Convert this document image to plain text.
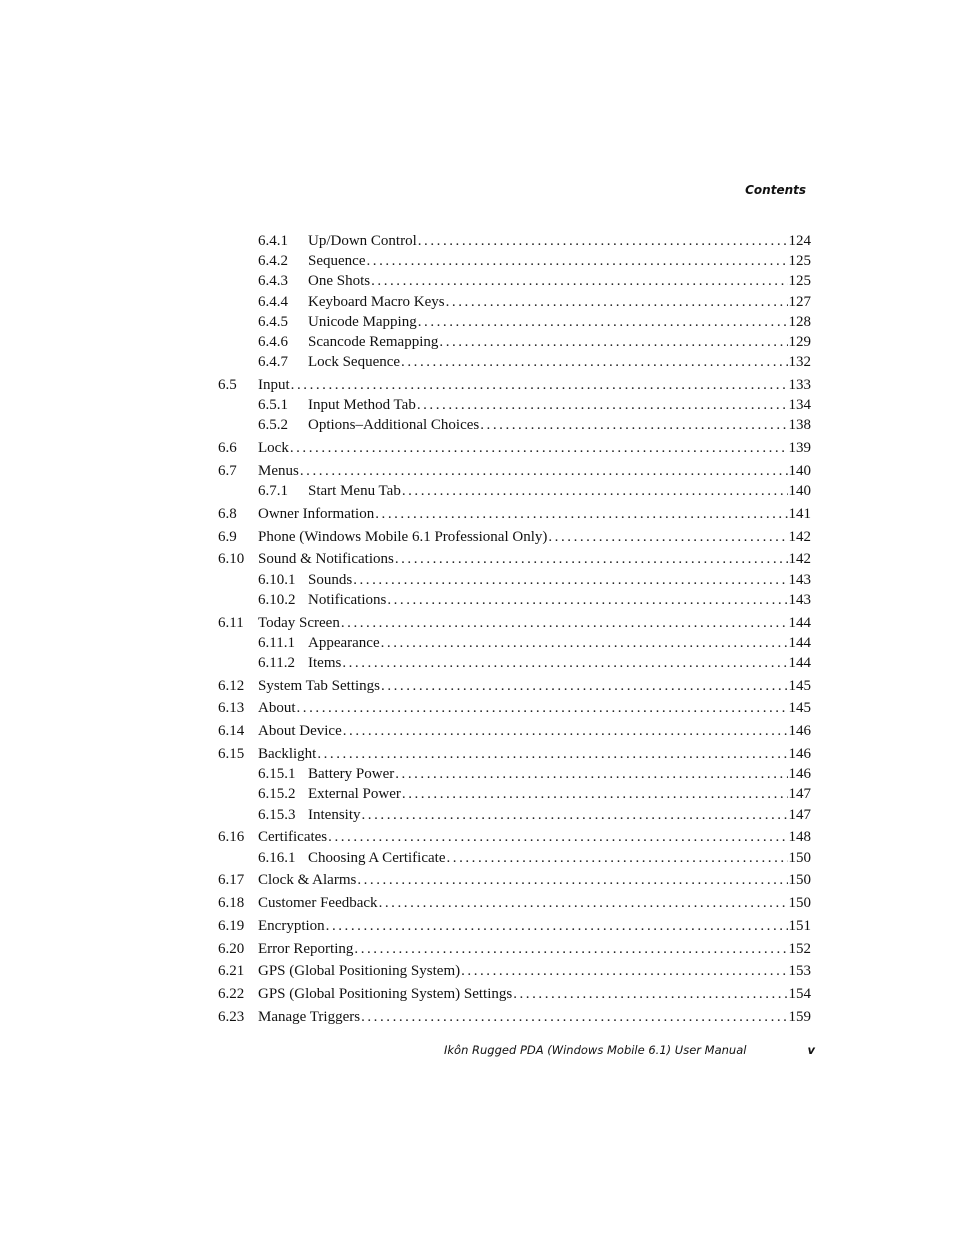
Contents
6.4.1	Up/Down Control . . .	124
6.4.2	Sequence . . .	125
6.4.3	One Shots . . .	125
6.4.4	Keyboard Macro Keys . . .	127
6.4.5	Unicode Mapping . . .	128
6.4.6	Scancode Remapping . . .	129
6.4.7	Lock Sequence . . .	132
6.5	Input . . .	133
6.5.1	Input Method Tab . . .	134
6.5.2	Options–Additional Choices . . .	138
6.6	Lock . . .	139
6.7	Menus . . .	140
6.7.1	Start Menu Tab . . .	140
6.8	Owner Information . . .	141
6.9	Phone (Windows Mobile 6.1 Professional Only) . . .	142
6.10 Sound & Notifications . . .	142
6.10.1 Sounds . . .	143
6.10.2 Notifications . . .	143
6.11 Today Screen . . .	144
6.11.1 Appearance . . .	144
6.11.2 Items . . .	144
6.12 System Tab Settings . . .	145
6.13 About . . .	145
6.14 About Device . . .	146
6.15 Backlight . . .	146
6.15.1 Battery Power . . .	146
6.15.2 External Power . . .	147
6.15.3 Intensity . . .	147
6.16 Certificates . . .	148
6.16.1 Choosing A Certificate . . .	150
6.17 Clock & Alarms . . .	150
6.18 Customer Feedback . . .	150
6.19 Encryption . . .	151
6.20 Error Reporting . . .	152
6.21 GPS (Global Positioning System) . . .	153
6.22 GPS (Global Positioning System) Settings . . .	154
6.23 Manage Triggers . . .	159
Ikôn Rugged PDA (Windows Mobile 6.1) User Manual	v
